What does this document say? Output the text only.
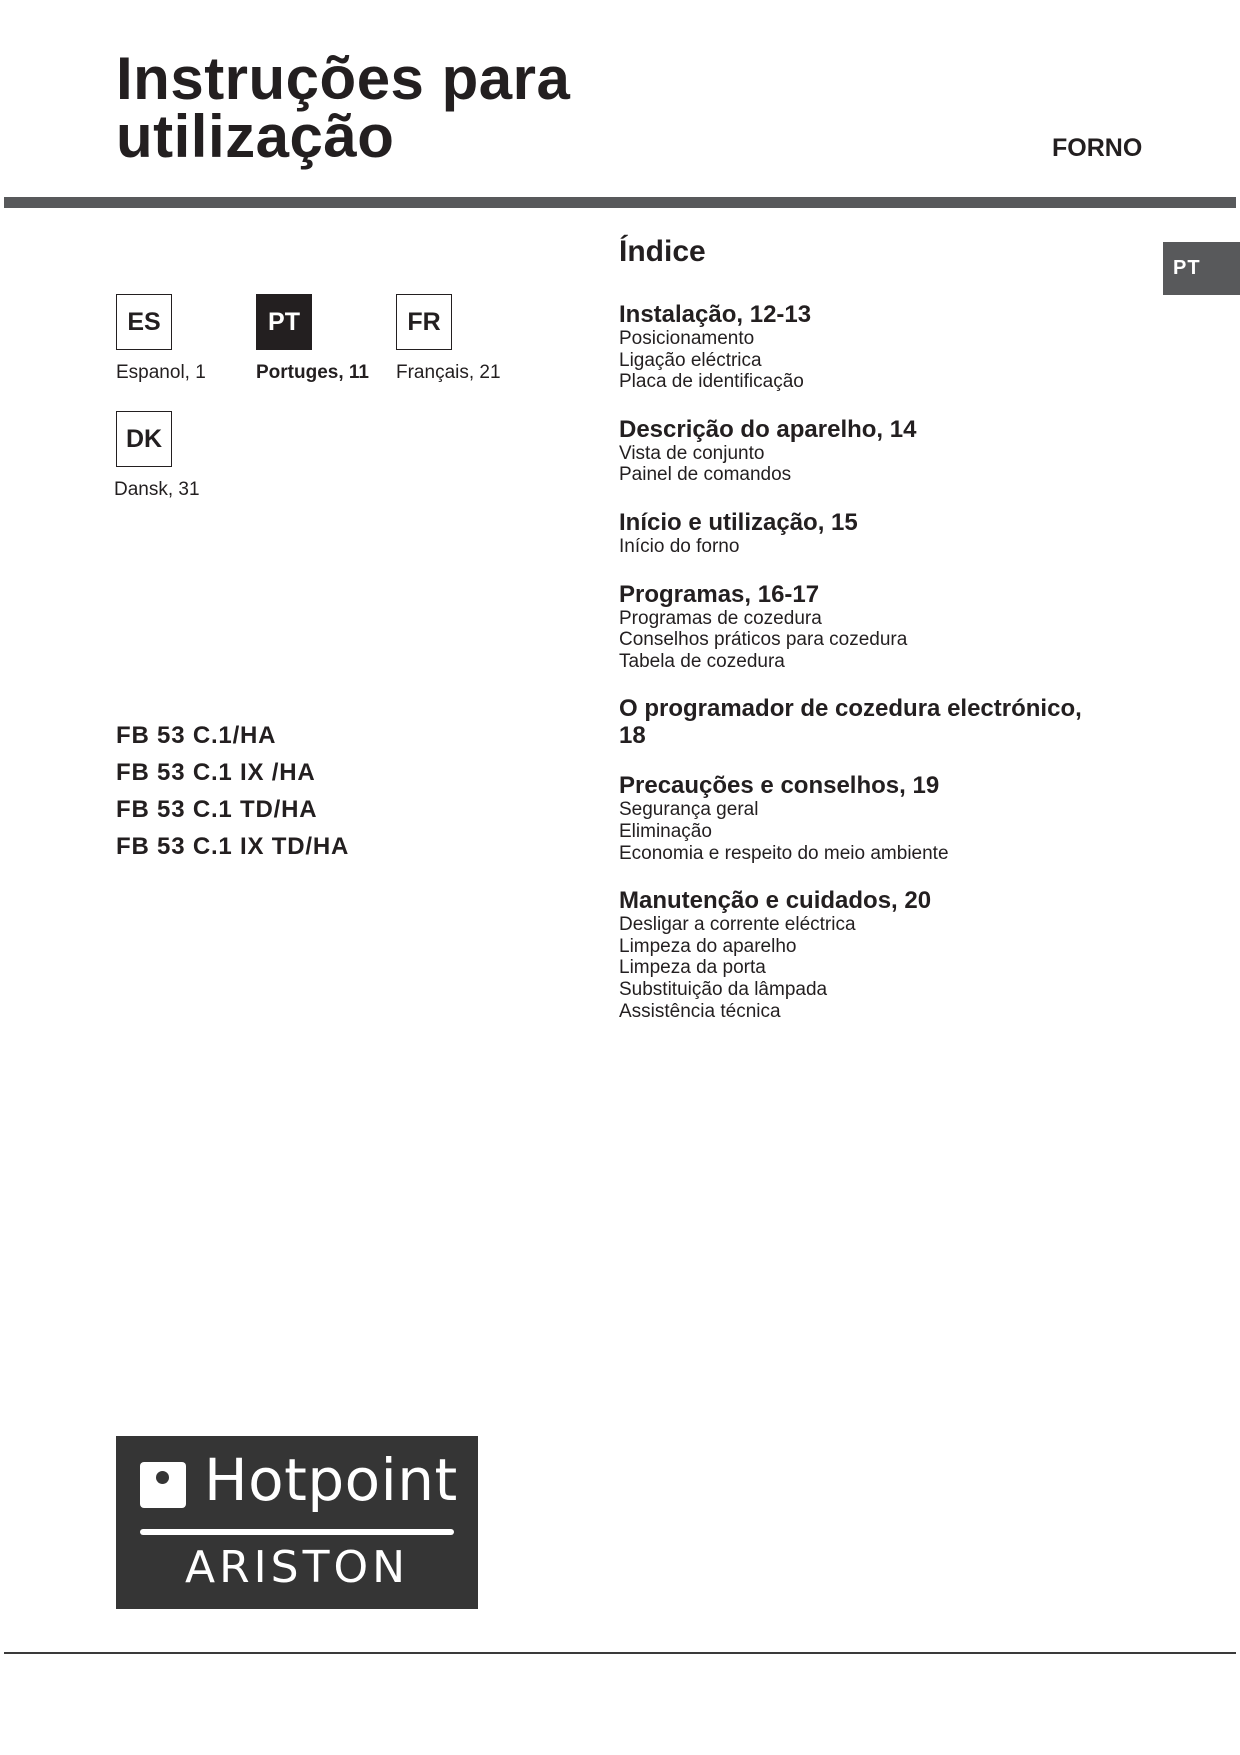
Instruções para
utilização	FORNO
PT
ES
Espanol, 1
PT
Portuges, 11
FR
Français, 21
DK
Dansk, 31
FB 53 C.1/HA
FB 53 C.1 IX /HA
FB 53 C.1 TD/HA
FB 53 C.1 IX TD/HA
Hotpoint
ARISTON
Índice

Instalação, 12-13

Posicionamento
Ligação eléctrica
Placa de identificação

Descrição do aparelho, 14

Vista de conjunto
Painel de comandos

Início e utilização, 15

Início do forno

Programas, 16-17

Programas de cozedura
Conselhos práticos para cozedura
Tabela de cozedura

O programador de cozedura electrónico,

18

Precauções e conselhos, 19

Segurança geral
Eliminação
Economia e respeito do meio ambiente

Manutenção e cuidados, 20

Desligar a corrente eléctrica
Limpeza do aparelho
Limpeza da porta
Substituição da lâmpada
Assistência técnica
